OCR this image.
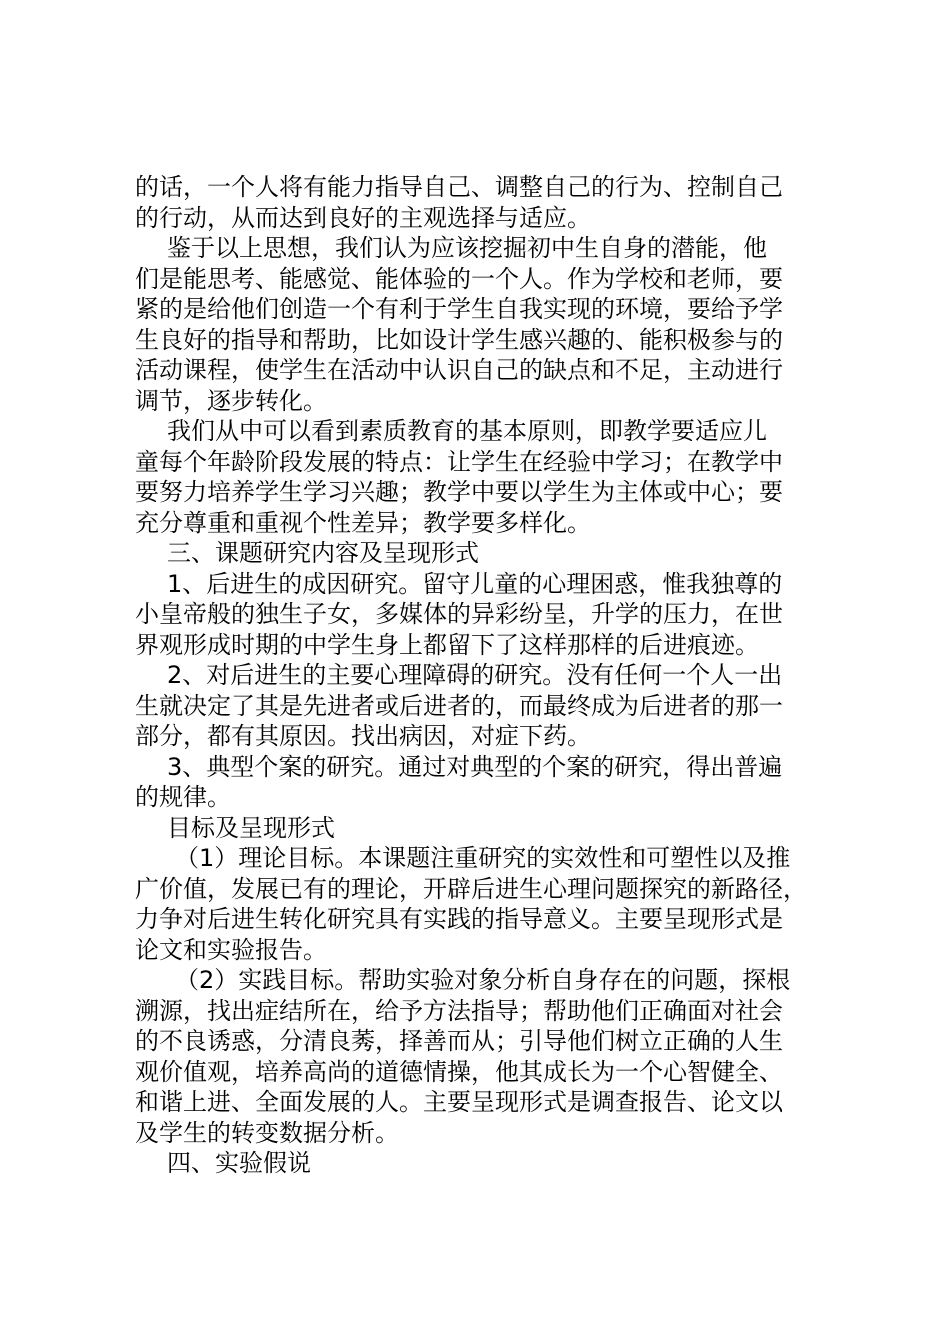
的话，一个人将有能力指导自己、调整自己的行为、控制自己
的行动，从而达到良好的主观选择与适应。
鉴于以上思想，我们认为应该挖掘初中生自身的潜能，他
们是能思考、能感觉、能体验的一个人。作为学校和老师，要
紧的是给他们创造一个有利于学生自我实现的环境，要给予学
生良好的指导和帮助，比如设计学生感兴趣的、能积极参与的
活动课程，使学生在活动中认识自己的缺点和不足，主动进行
调节，逐步转化。
我们从中可以看到素质教育的基本原则，即教学要适应儿
童每个年龄阶段发展的特点：让学生在经验中学习；在教学中
要努力培养学生学习兴趣；教学中要以学生为主体或中心；要
充分尊重和重视个性差异；教学要多样化。
三、课题研究内容及呈现形式
1、后进生的成因研究。留守儿童的心理困惑，惟我独尊的
小皇帝般的独生子女，多媒体的异彩纷呈，升学的压力，在世
界观形成时期的中学生身上都留下了这样那样的后进痕迹。
2、对后进生的主要心理障碍的研究。没有任何一个人一出
生就决定了其是先进者或后进者的，而最终成为后进者的那一
部分，都有其原因。找出病因，对症下药。
3、典型个案的研究。通过对典型的个案的研究，得出普遍
的规律。
目标及呈现形式
（1）理论目标。本课题注重研究的实效性和可塑性以及推
广价值，发展已有的理论，开辟后进生心理问题探究的新路径，
力争对后进生转化研究具有实践的指导意义。主要呈现形式是
论文和实验报告。
（2）实践目标。帮助实验对象分析自身存在的问题，探根
溯源，找出症结所在，给予方法指导；帮助他们正确面对社会
的不良诱惑，分清良莠，择善而从；引导他们树立正确的人生
观价值观，培养高尚的道德情操，他其成长为一个心智健全、
和谐上进、全面发展的人。主要呈现形式是调查报告、论文以
及学生的转变数据分析。
四、实验假说
